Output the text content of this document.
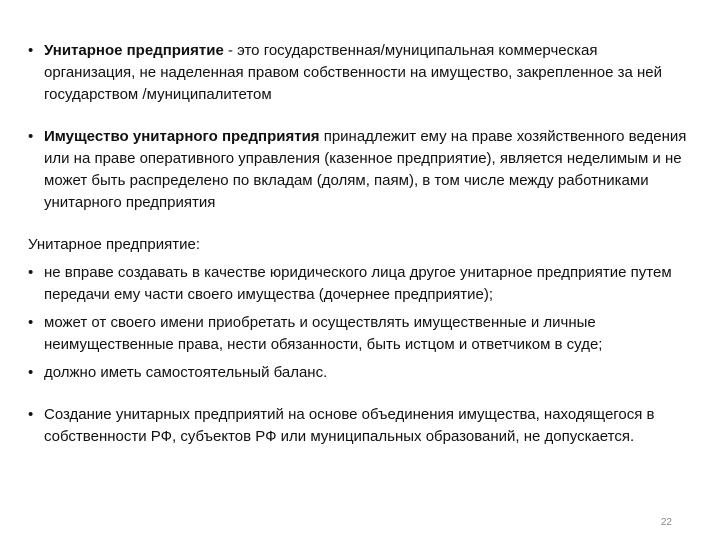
• Унитарное предприятие - это государственная/муниципальная коммерческая организация, не наделенная правом собственности на имущество, закрепленное за ней государством /муниципалитетом

• Имущество унитарного предприятия принадлежит ему на праве хозяйственного ведения или на праве оперативного управления (казенное предприятие), является неделимым и не может быть распределено по вкладам (долям, паям), в том числе между работниками унитарного предприятия

Унитарное предприятие:

• не вправе создавать в качестве юридического лица другое унитарное предприятие путем передачи ему части своего имущества (дочернее предприятие);

• может от своего имени приобретать и осуществлять имущественные и личные неимущественные права, нести обязанности, быть истцом и ответчиком в суде;

• должно иметь самостоятельный баланс.

• Создание унитарных предприятий на основе объединения имущества, находящегося в собственности РФ, субъектов РФ или муниципальных образований, не допускается.

22
